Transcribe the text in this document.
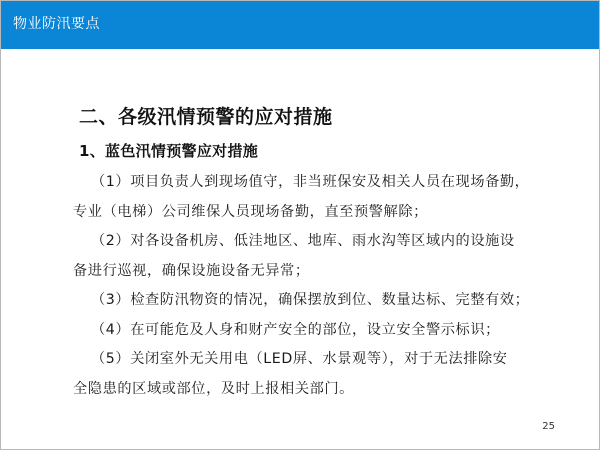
物业防汛要点
二、各级汛情预警的应对措施
1、蓝色汛情预警应对措施
（1）项目负责人到现场值守，非当班保安及相关人员在现场备勤，
专业（电梯）公司维保人员现场备勤，直至预警解除；
（2）对各设备机房、低洼地区、地库、雨水沟等区域内的设施设
备进行巡视，确保设施设备无异常；
（3）检查防汛物资的情况，确保摆放到位、数量达标、完整有效；
（4）在可能危及人身和财产安全的部位，设立安全警示标识；
（5）关闭室外无关用电（LED屏、水景观等），对于无法排除安
全隐患的区域或部位，及时上报相关部门。
25
